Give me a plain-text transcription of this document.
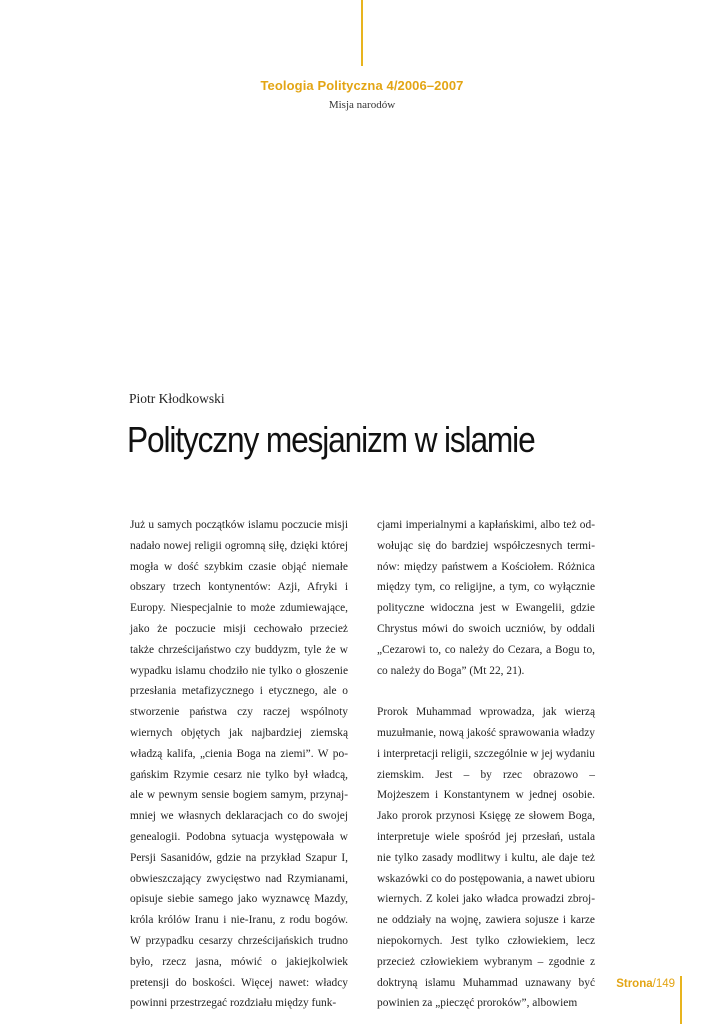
Teologia Polityczna 4/2006–2007
Misja narodów
Piotr Kłodkowski
Polityczny mesjanizm w islamie

Już u samych początków islamu poczucie misji nadało nowej religii ogromną siłę, dzięki której mogła w dość szybkim czasie objąć niemałe obszary trzech kontynentów: Azji, Afryki i Europy. Niespecjalnie to może zdumiewające, jako że poczucie misji cechowało przecież także chrześcijaństwo czy buddyzm, tyle że w wypadku islamu chodziło nie tylko o głoszenie przesłania metafizycznego i etycznego, ale o stworzenie państwa czy raczej wspólnoty wiernych objętych jak najbardziej ziemską władzą kalifa, „cienia Boga na ziemi”. W pogańskim Rzymie cesarz nie tylko był władcą, ale w pewnym sensie bogiem samym, przynajmniej we własnych deklaracjach co do swojej genealogii. Podobna sytuacja występowała w Persji Sasanidów, gdzie na przykład Szapur I, obwieszczający zwycięstwo nad Rzymianami, opisuje siebie samego jako wyznawcę Mazdy, króla królów Iranu i nie-Iranu, z rodu bogów. W przypadku cesarzy chrześcijańskich trudno było, rzecz jasna, mówić o jakiejkolwiek pretensji do boskości. Więcej nawet: władcy powinni przestrzegać rozdziału między funk-

cjami imperialnymi a kapłańskimi, albo też odwołując się do bardziej współczesnych terminów: między państwem a Kościołem. Różnica między tym, co religijne, a tym, co wyłącznie polityczne widoczna jest w Ewangelii, gdzie Chrystus mówi do swoich uczniów, by oddali „Cezarowi to, co należy do Cezara, a Bogu to, co należy do Boga” (Mt 22, 21).

Prorok Muhammad wprowadza, jak wierzą muzułmanie, nową jakość sprawowania władzy i interpretacji religii, szczególnie w jej wydaniu ziemskim. Jest – by rzec obrazowo – Mojżeszem i Konstantynem w jednej osobie. Jako prorok przynosi Księgę ze słowem Boga, interpretuje wiele spośród jej przesłań, ustala nie tylko zasady modlitwy i kultu, ale daje też wskazówki co do postępowania, a nawet ubioru wiernych. Z kolei jako władca prowadzi zbrojne oddziały na wojnę, zawiera sojusze i karze niepokornych. Jest tylko człowiekiem, lecz przecież człowiekiem wybranym – zgodnie z doktryną islamu Muhammad uznawany być powinien za „pieczęć proroków”, albowiem

Strona/149
